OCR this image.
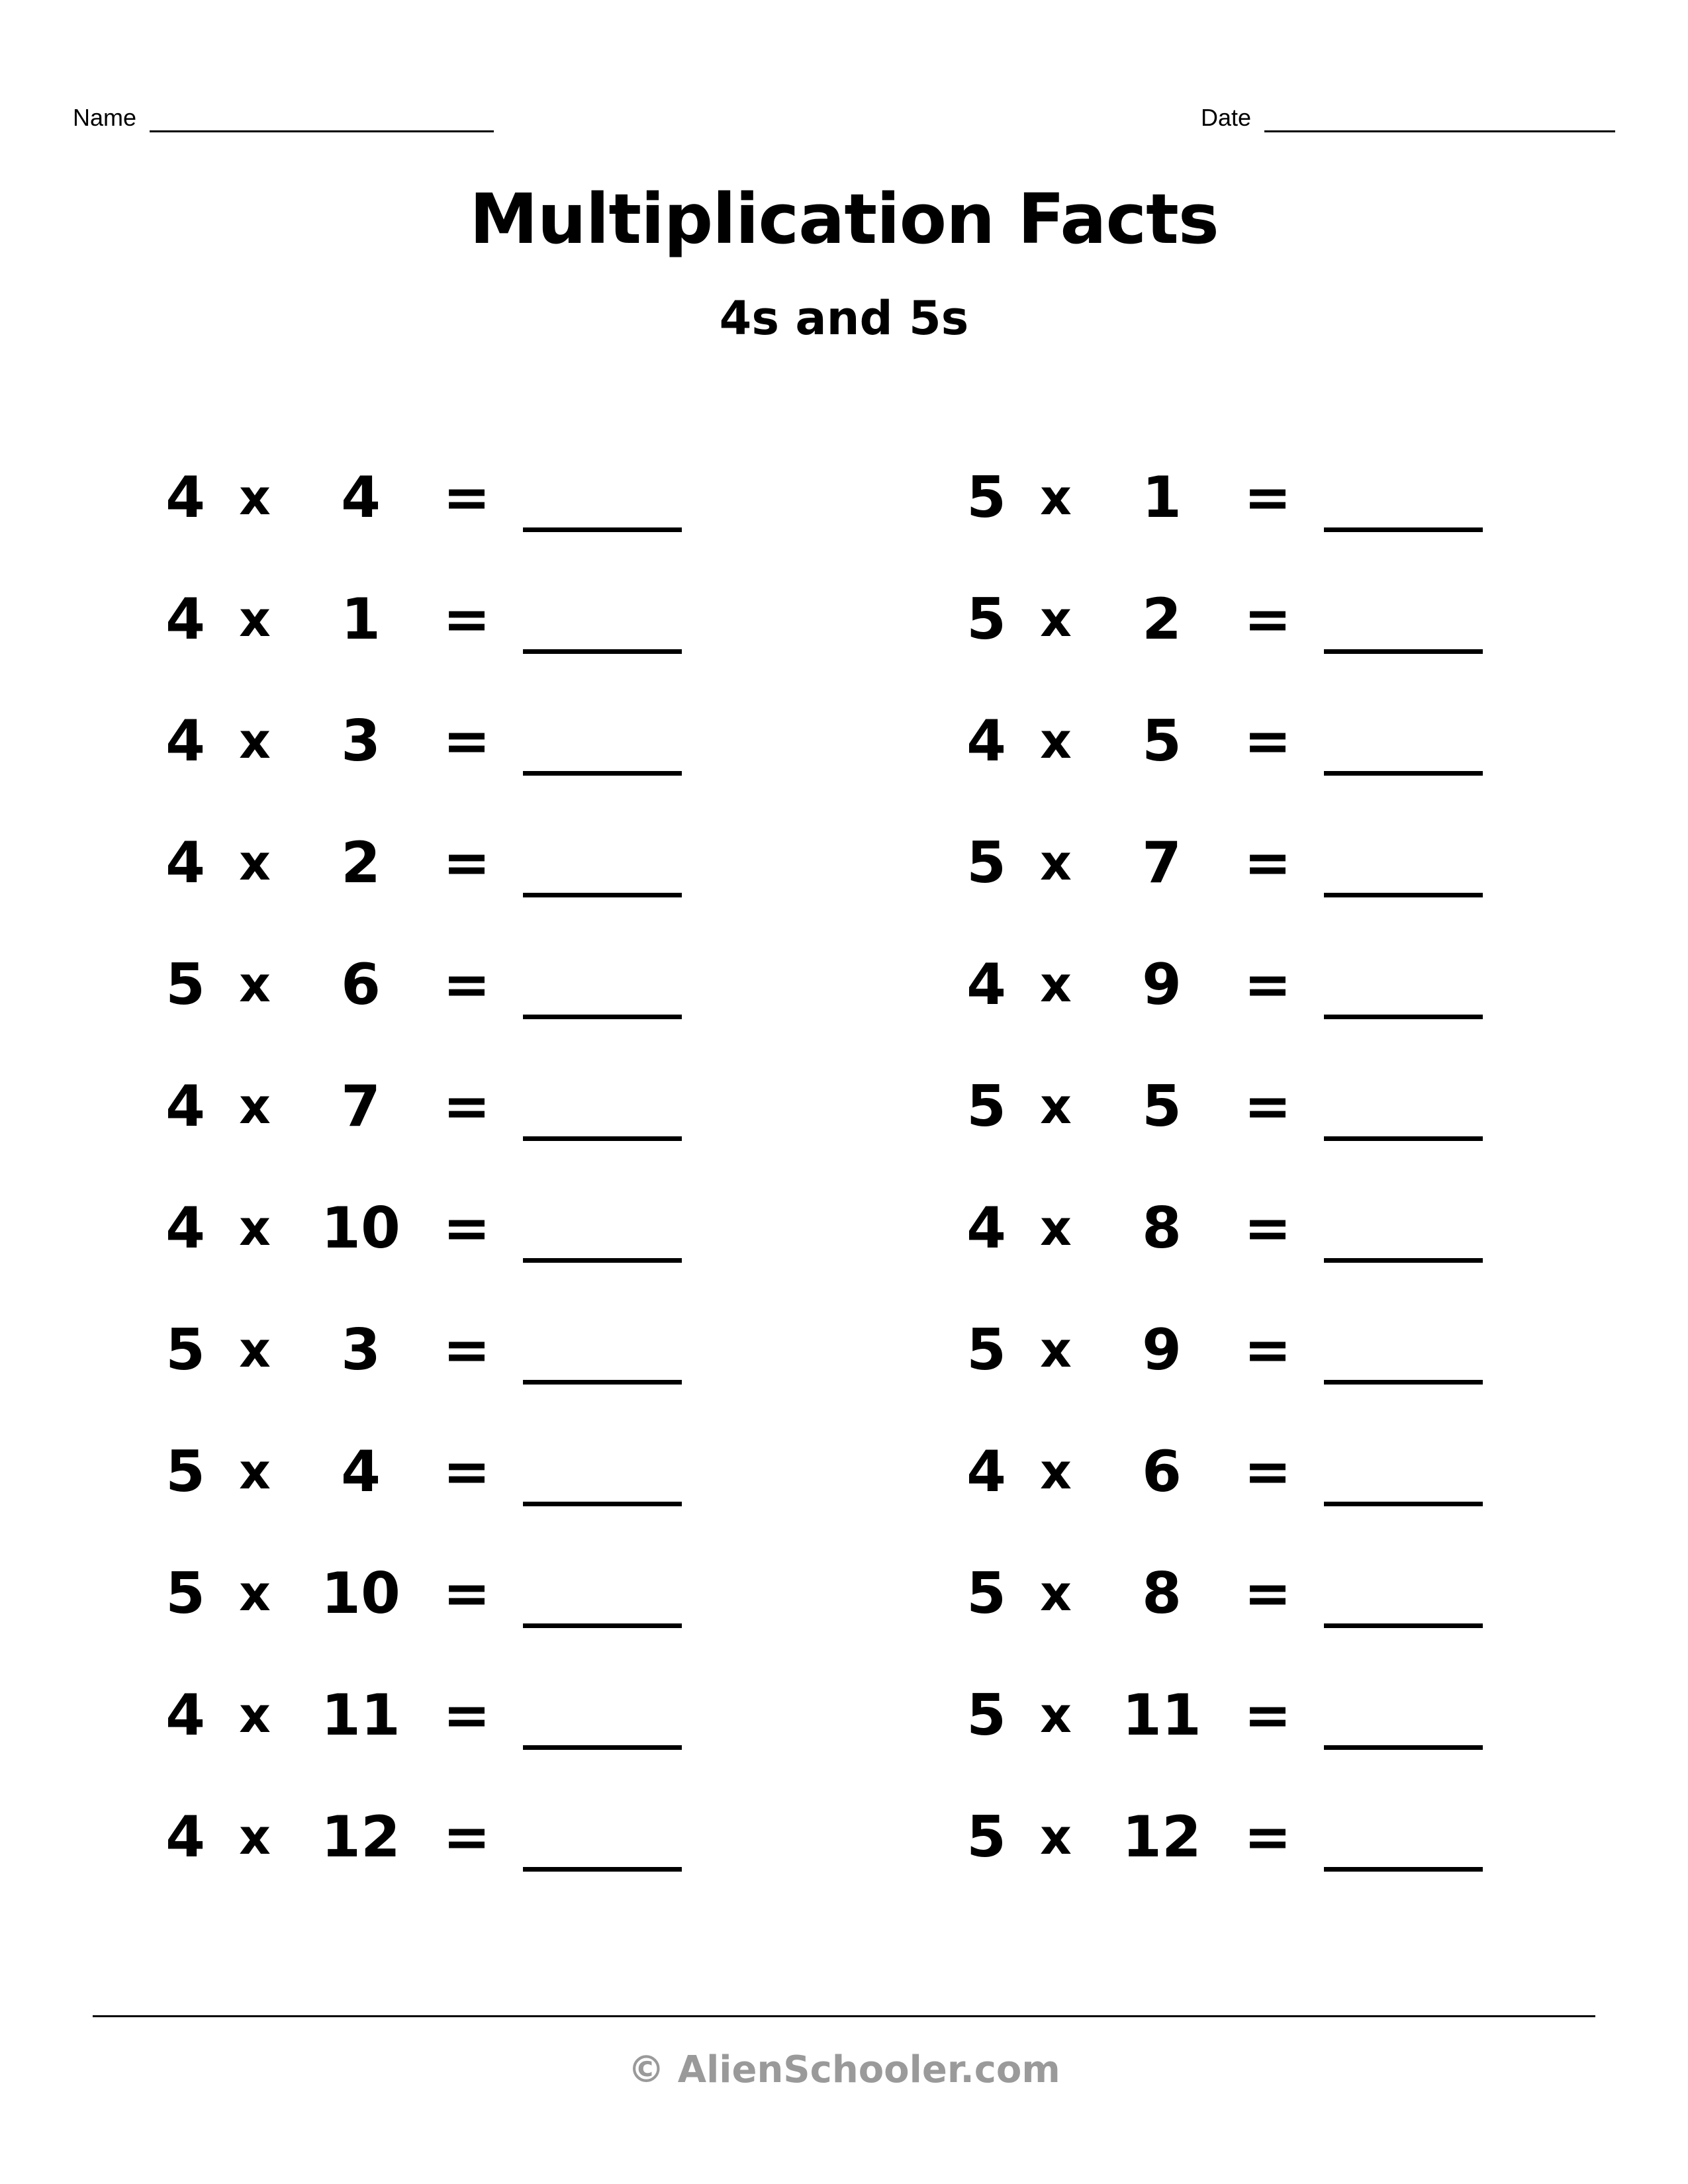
Name	Date
Multiplication Facts
4s and 5s
4 x	4	=
4 x	1	=
4 x	3	=
4 x	2	=
5 x	6	=
4 x	7	=
4 x 10 =
5 x	3	=
5 x	4	=
5 x 10 =
4 x 11 =
4 x 12 =
5 x	1	=
5 x	2	=
4 x	5	=
5 x	7	=
4 x	9	=
5 x	5	=
4 x	8	=
5 x	9	=
4 x	6	=
5 x	8	=
5 x 11 =
5 x 12 =
© AlienSchooler.com
